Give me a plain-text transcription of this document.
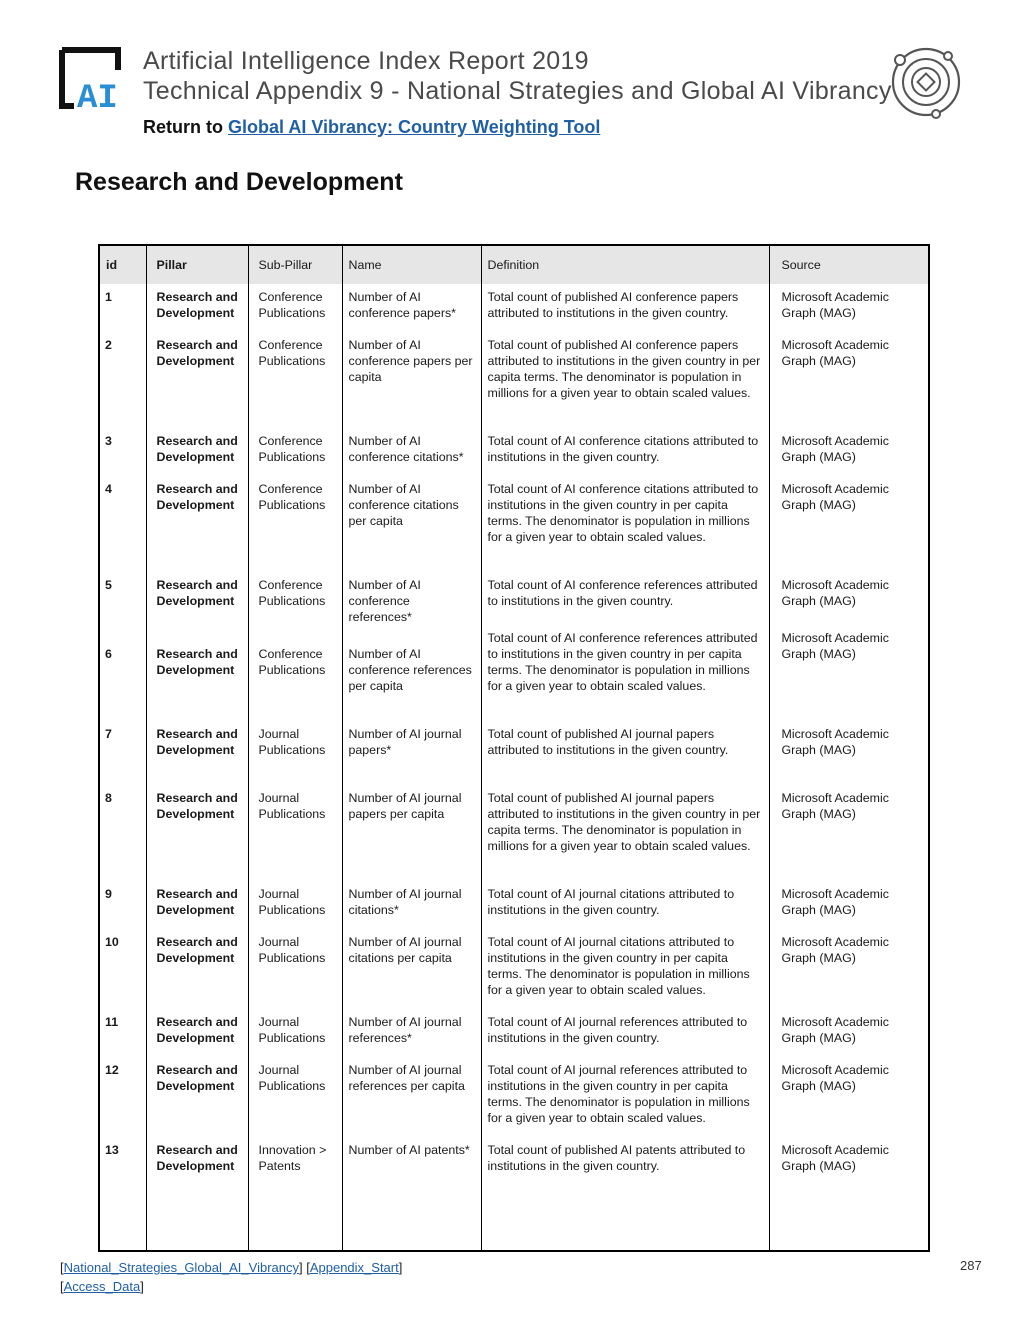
AI
Artificial Intelligence Index Report 2019
Technical Appendix 9 - National Strategies and Global AI Vibrancy
Return to Global AI Vibrancy: Country Weighting Tool
Research and Development
id	Pillar	Sub-Pillar	Name	Definition	Source
1	Research and Development	Conference Publications	Number of AI conference papers*	Total count of published AI conference papers attributed to institutions in the given country.	Microsoft Academic Graph (MAG)
2	Research and Development	Conference Publications	Number of AI conference papers per capita	Total count of published AI conference papers attributed to institutions in the given country in per capita terms. The denominator is population in millions for a given year to obtain scaled values.	Microsoft Academic Graph (MAG)
3	Research and Development	Conference Publications	Number of AI conference citations*	Total count of AI conference citations attributed to institutions in the given country.	Microsoft Academic Graph (MAG)
4	Research and Development	Conference Publications	Number of AI conference citations per capita	Total count of AI conference citations attributed to institutions in the given country in per capita terms. The denominator is population in millions for a given year to obtain scaled values.	Microsoft Academic Graph (MAG)
5	Research and Development	Conference Publications	Number of AI conference references*	Total count of AI conference references attributed to institutions in the given country.	Microsoft Academic Graph (MAG)
6	Research and Development	Conference Publications	Number of AI conference references per capita	Total count of AI conference references attributed to institutions in the given country in per capita terms. The denominator is population in millions for a given year to obtain scaled values.	Microsoft Academic Graph (MAG)
7	Research and Development	Journal Publications	Number of AI journal papers*	Total count of published AI journal papers attributed to institutions in the given country.	Microsoft Academic Graph (MAG)
8	Research and Development	Journal Publications	Number of AI journal papers per capita	Total count of published AI journal papers attributed to institutions in the given country in per capita terms. The denominator is population in millions for a given year to obtain scaled values.	Microsoft Academic Graph (MAG)
9	Research and Development	Journal Publications	Number of AI journal citations*	Total count of AI journal citations attributed to institutions in the given country.	Microsoft Academic Graph (MAG)
10	Research and Development	Journal Publications	Number of AI journal citations per capita	Total count of AI journal citations attributed to institutions in the given country in per capita terms. The denominator is population in millions for a given year to obtain scaled values.	Microsoft Academic Graph (MAG)
11	Research and Development	Journal Publications	Number of AI journal references*	Total count of AI journal references attributed to institutions in the given country.	Microsoft Academic Graph (MAG)
12	Research and Development	Journal Publications	Number of AI journal references per capita	Total count of AI journal references attributed to institutions in the given country in per capita terms. The denominator is population in millions for a given year to obtain scaled values.	Microsoft Academic Graph (MAG)
13	Research and Development	Innovation > Patents	Number of AI patents*	Total count of published AI patents attributed to institutions in the given country.	Microsoft Academic Graph (MAG)

[National_Strategies_Global_AI_Vibrancy] [Appendix_Start]
[Access_Data]
287
